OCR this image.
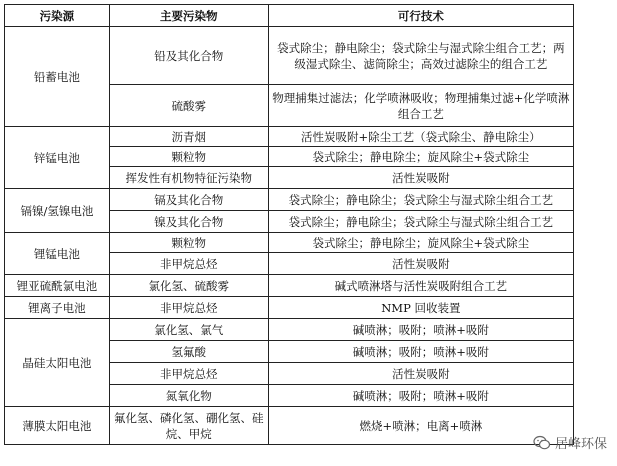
污染源	主要污染物	可行技术
铅蓄电池	铅及其化合物	袋式除尘；静电除尘；袋式除尘与湿式除尘组合工艺；两级湿式除尘、滤筒除尘；高效过滤除尘的组合工艺
	硫酸雾	物理捕集过滤法；化学喷淋吸收；物理捕集过滤+化学喷淋组合工艺
锌锰电池	沥青烟	活性炭吸附+除尘工艺（袋式除尘、静电除尘）
	颗粒物	袋式除尘；静电除尘；旋风除尘+袋式除尘
	挥发性有机物特征污染物	活性炭吸附
镉镍/氢镍电池	镉及其化合物	袋式除尘；静电除尘；袋式除尘与湿式除尘组合工艺
	镍及其化合物	袋式除尘；静电除尘；袋式除尘与湿式除尘组合工艺
锂锰电池	颗粒物	袋式除尘；静电除尘；旋风除尘+袋式除尘
	非甲烷总烃	活性炭吸附
锂亚硫酰氯电池	氯化氢、硫酸雾	碱式喷淋塔与活性炭吸附组合工艺
锂离子电池	非甲烷总烃	NMP 回收装置
晶硅太阳电池	氯化氢、氯气	碱喷淋；吸附；喷淋+吸附
	氢氟酸	碱喷淋；吸附；喷淋+吸附
	非甲烷总烃	活性炭吸附
	氮氧化物	碱喷淋；吸附；喷淋+吸附
薄膜太阳电池	氟化氢、磷化氢、硼化氢、硅烷、甲烷	燃烧+喷淋；电离+喷淋
居峰环保
